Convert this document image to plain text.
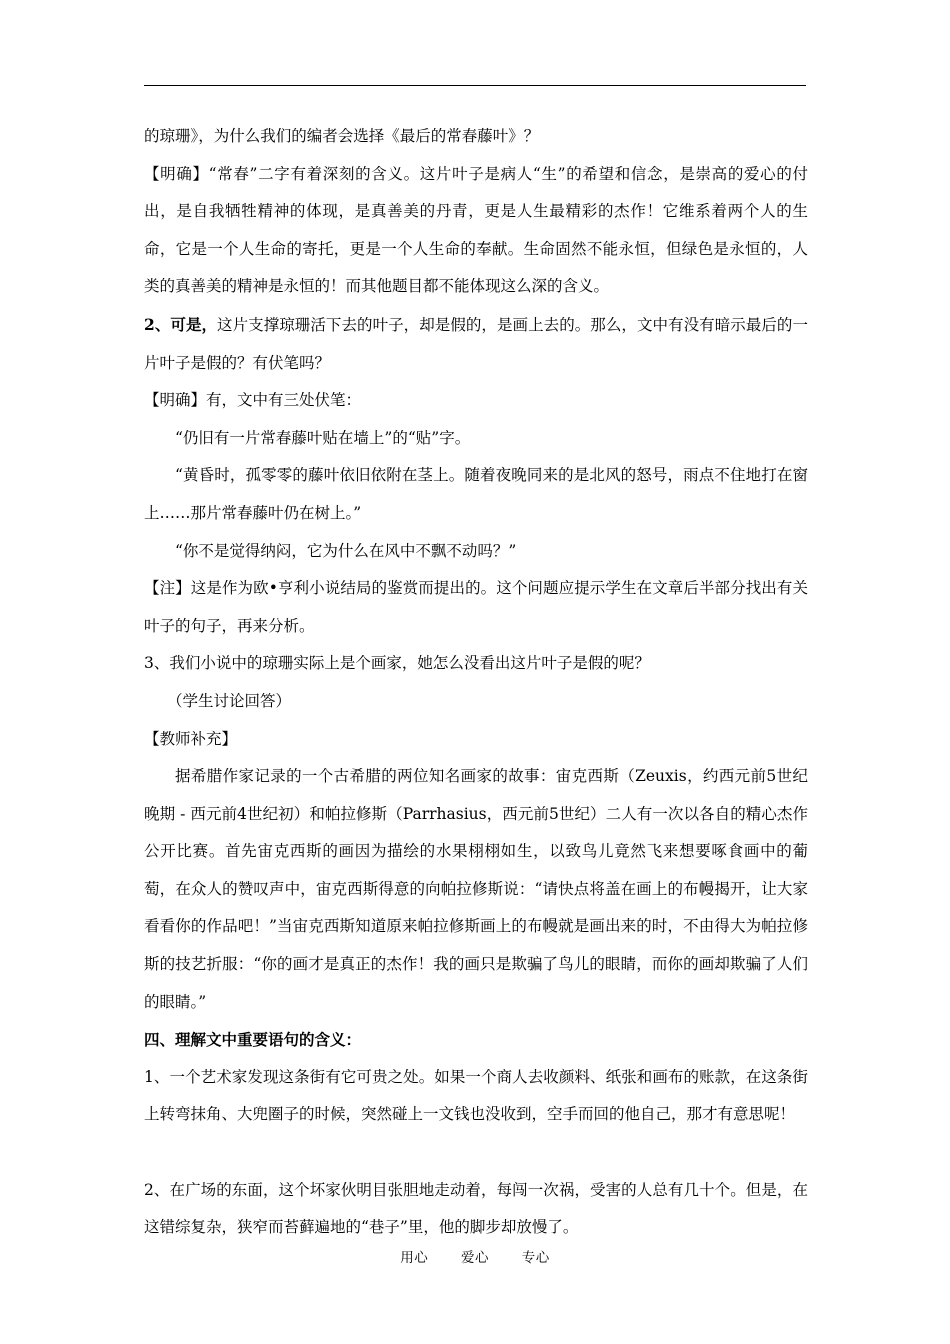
的琼珊》，为什么我们的编者会选择《最后的常春藤叶》？

【明确】“常春”二字有着深刻的含义。这片叶子是病人“生”的希望和信念，是崇高的爱心的付出，是自我牺牲精神的体现，是真善美的丹青，更是人生最精彩的杰作！它维系着两个人的生命，它是一个人生命的寄托，更是一个人生命的奉献。生命固然不能永恒，但绿色是永恒的，人类的真善美的精神是永恒的！而其他题目都不能体现这么深的含义。

2、可是，这片支撑琼珊活下去的叶子，却是假的，是画上去的。那么，文中有没有暗示最后的一片叶子是假的？有伏笔吗？

【明确】有，文中有三处伏笔：

“仍旧有一片常春藤叶贴在墙上”的“贴”字。

“黄昏时，孤零零的藤叶依旧依附在茎上。随着夜晚同来的是北风的怒号，雨点不住地打在窗上……那片常春藤叶仍在树上。”

“你不是觉得纳闷，它为什么在风中不飘不动吗？”

【注】这是作为欧•亨利小说结局的鉴赏而提出的。这个问题应提示学生在文章后半部分找出有关叶子的句子，再来分析。

3、我们小说中的琼珊实际上是个画家，她怎么没看出这片叶子是假的呢？

（学生讨论回答）

【教师补充】

据希腊作家记录的一个古希腊的两位知名画家的故事：宙克西斯（Zeuxis，约西元前5世纪晚期 - 西元前4世纪初）和帕拉修斯（Parrhasius，西元前5世纪）二人有一次以各自的精心杰作公开比赛。首先宙克西斯的画因为描绘的水果栩栩如生，以致鸟儿竟然飞来想要啄食画中的葡萄，在众人的赞叹声中，宙克西斯得意的向帕拉修斯说：“请快点将盖在画上的布幔揭开，让大家看看你的作品吧！”当宙克西斯知道原来帕拉修斯画上的布幔就是画出来的时，不由得大为帕拉修斯的技艺折服：“你的画才是真正的杰作！我的画只是欺骗了鸟儿的眼睛，而你的画却欺骗了人们的眼睛。”

四、理解文中重要语句的含义：

1、一个艺术家发现这条街有它可贵之处。如果一个商人去收颜料、纸张和画布的账款，在这条街上转弯抹角、大兜圈子的时候，突然碰上一文钱也没收到，空手而回的他自己，那才有意思呢！

2、在广场的东面，这个坏家伙明目张胆地走动着，每闯一次祸，受害的人总有几十个。但是，在这错综复杂，狭窄而苔藓遍地的“巷子”里，他的脚步却放慢了。

用心 爱心 专心
